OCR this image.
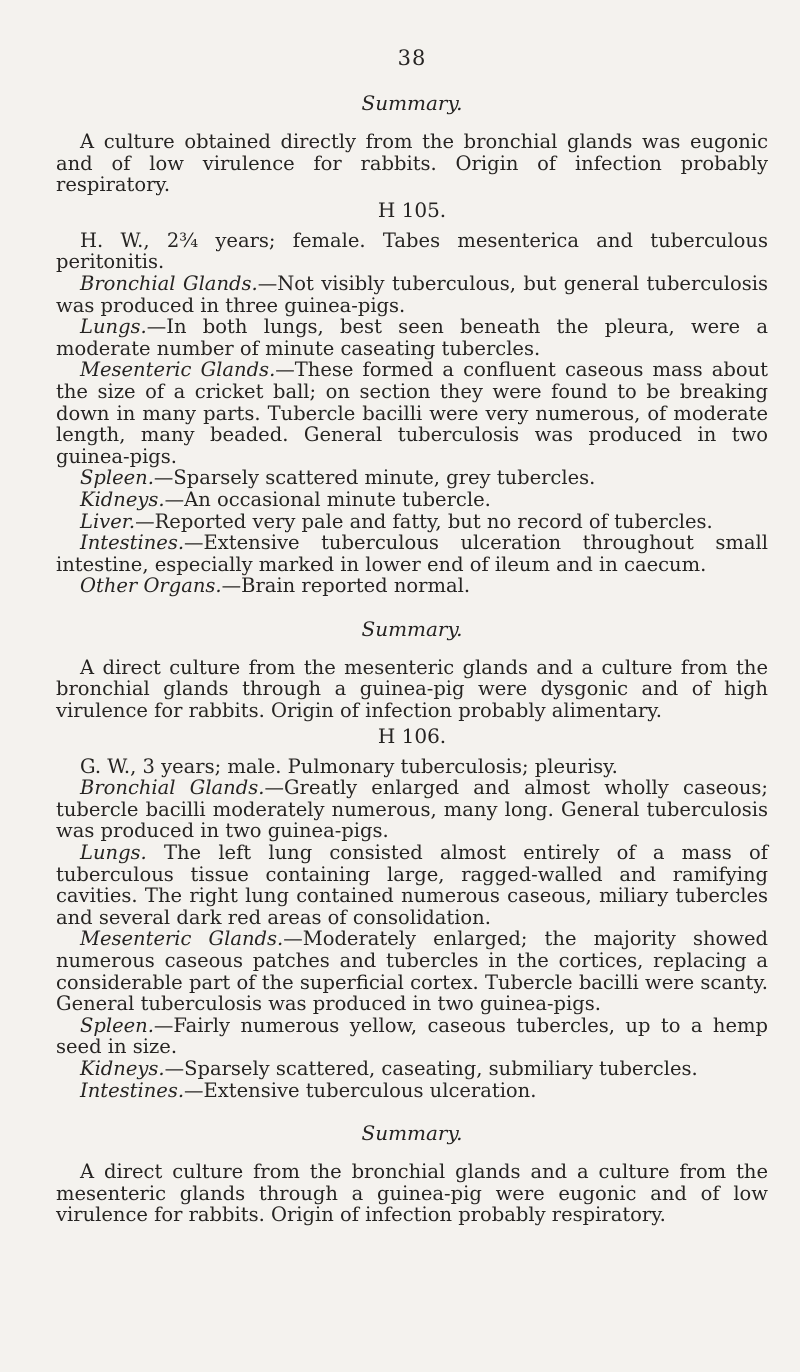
38
Summary.

A culture obtained directly from the bronchial glands was eugonic and of low virulence for rabbits. Origin of infection probably respiratory.

H 105.

H. W., 2¾ years; female. Tabes mesenterica and tuberculous peritonitis.

Bronchial Glands.—Not visibly tuberculous, but general tuberculosis was produced in three guinea-pigs.

Lungs.—In both lungs, best seen beneath the pleura, were a moderate number of minute caseating tubercles.

Mesenteric Glands.—These formed a confluent caseous mass about the size of a cricket ball; on section they were found to be breaking down in many parts. Tubercle bacilli were very numerous, of moderate length, many beaded. General tuberculosis was produced in two guinea-pigs.

Spleen.—Sparsely scattered minute, grey tubercles.

Kidneys.—An occasional minute tubercle.

Liver.—Reported very pale and fatty, but no record of tubercles.

Intestines.—Extensive tuberculous ulceration throughout small intestine, especially marked in lower end of ileum and in caecum.

Other Organs.—Brain reported normal.

Summary.

A direct culture from the mesenteric glands and a culture from the bronchial glands through a guinea-pig were dysgonic and of high virulence for rabbits. Origin of infection probably alimentary.

H 106.

G. W., 3 years; male. Pulmonary tuberculosis; pleurisy.

Bronchial Glands.—Greatly enlarged and almost wholly caseous; tubercle bacilli moderately numerous, many long. General tuberculosis was produced in two guinea-pigs.

Lungs. The left lung consisted almost entirely of a mass of tuberculous tissue containing large, ragged-walled and ramifying cavities. The right lung contained numerous caseous, miliary tubercles and several dark red areas of consolidation.

Mesenteric Glands.—Moderately enlarged; the majority showed numerous caseous patches and tubercles in the cortices, replacing a considerable part of the superficial cortex. Tubercle bacilli were scanty. General tuberculosis was produced in two guinea-pigs.

Spleen.—Fairly numerous yellow, caseous tubercles, up to a hemp seed in size.

Kidneys.—Sparsely scattered, caseating, submiliary tubercles.

Intestines.—Extensive tuberculous ulceration.

Summary.

A direct culture from the bronchial glands and a culture from the mesenteric glands through a guinea-pig were eugonic and of low virulence for rabbits. Origin of infection probably respiratory.
